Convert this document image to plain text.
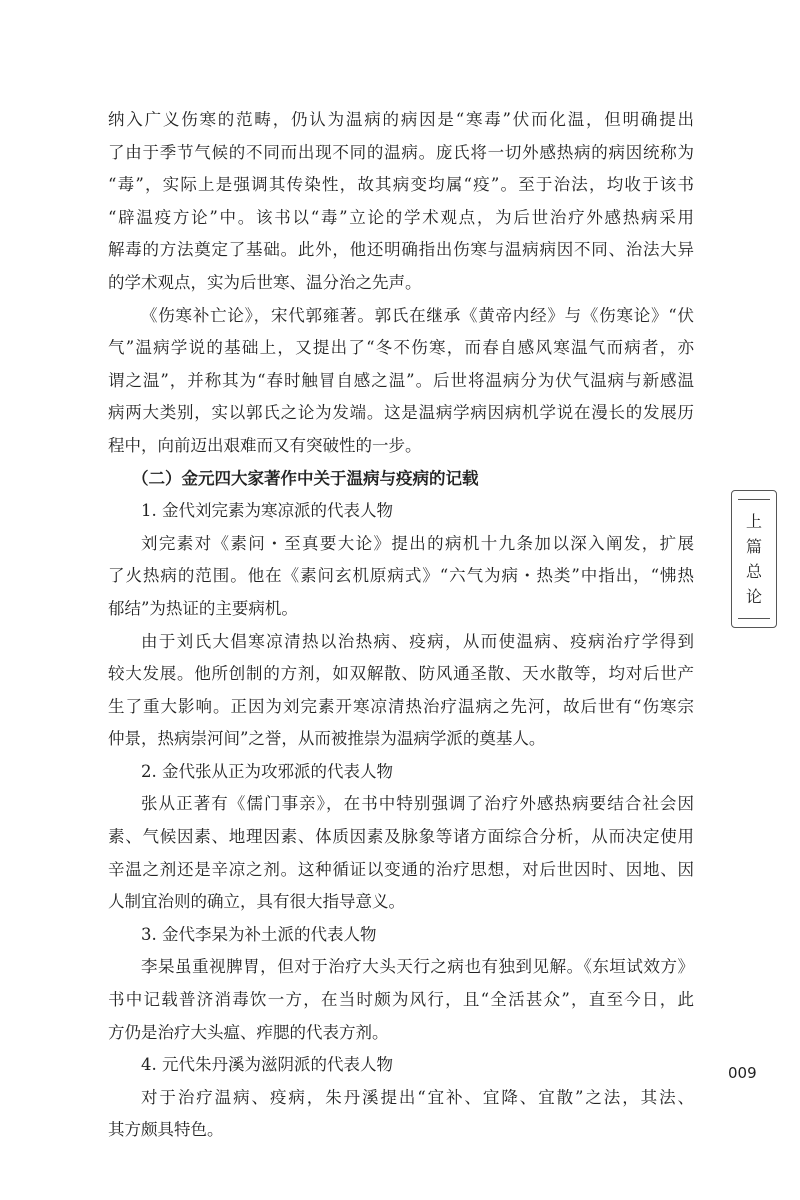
纳入广义伤寒的范畴，仍认为温病的病因是“寒毒”伏而化温，但明确提出
了由于季节气候的不同而出现不同的温病。庞氏将一切外感热病的病因统称为
“毒”，实际上是强调其传染性，故其病变均属“疫”。至于治法，均收于该书
“辟温疫方论”中。该书以“毒”立论的学术观点，为后世治疗外感热病采用
解毒的方法奠定了基础。此外，他还明确指出伤寒与温病病因不同、治法大异
的学术观点，实为后世寒、温分治之先声。

《伤寒补亡论》，宋代郭雍著。郭氏在继承《黄帝内经》与《伤寒论》“伏
气”温病学说的基础上，又提出了“冬不伤寒，而春自感风寒温气而病者，亦
谓之温”，并称其为“春时触冒自感之温”。后世将温病分为伏气温病与新感温
病两大类别，实以郭氏之论为发端。这是温病学病因病机学说在漫长的发展历
程中，向前迈出艰难而又有突破性的一步。

（二）金元四大家著作中关于温病与疫病的记载

1. 金代刘完素为寒凉派的代表人物

刘完素对《素问・至真要大论》提出的病机十九条加以深入阐发，扩展
了火热病的范围。他在《素问玄机原病式》“六气为病・热类”中指出，“怫热
郁结”为热证的主要病机。

由于刘氏大倡寒凉清热以治热病、疫病，从而使温病、疫病治疗学得到
较大发展。他所创制的方剂，如双解散、防风通圣散、天水散等，均对后世产
生了重大影响。正因为刘完素开寒凉清热治疗温病之先河，故后世有“伤寒宗
仲景，热病崇河间”之誉，从而被推崇为温病学派的奠基人。

2. 金代张从正为攻邪派的代表人物

张从正著有《儒门事亲》，在书中特别强调了治疗外感热病要结合社会因
素、气候因素、地理因素、体质因素及脉象等诸方面综合分析，从而决定使用
辛温之剂还是辛凉之剂。这种循证以变通的治疗思想，对后世因时、因地、因
人制宜治则的确立，具有很大指导意义。

3. 金代李杲为补土派的代表人物

李杲虽重视脾胃，但对于治疗大头天行之病也有独到见解。《东垣试效方》
书中记载普济消毒饮一方，在当时颇为风行，且“全活甚众”，直至今日，此
方仍是治疗大头瘟、痄腮的代表方剂。

4. 元代朱丹溪为滋阴派的代表人物

对于治疗温病、疫病，朱丹溪提出“宜补、宜降、宜散”之法，其法、
其方颇具特色。

上
篇
总
论
009
